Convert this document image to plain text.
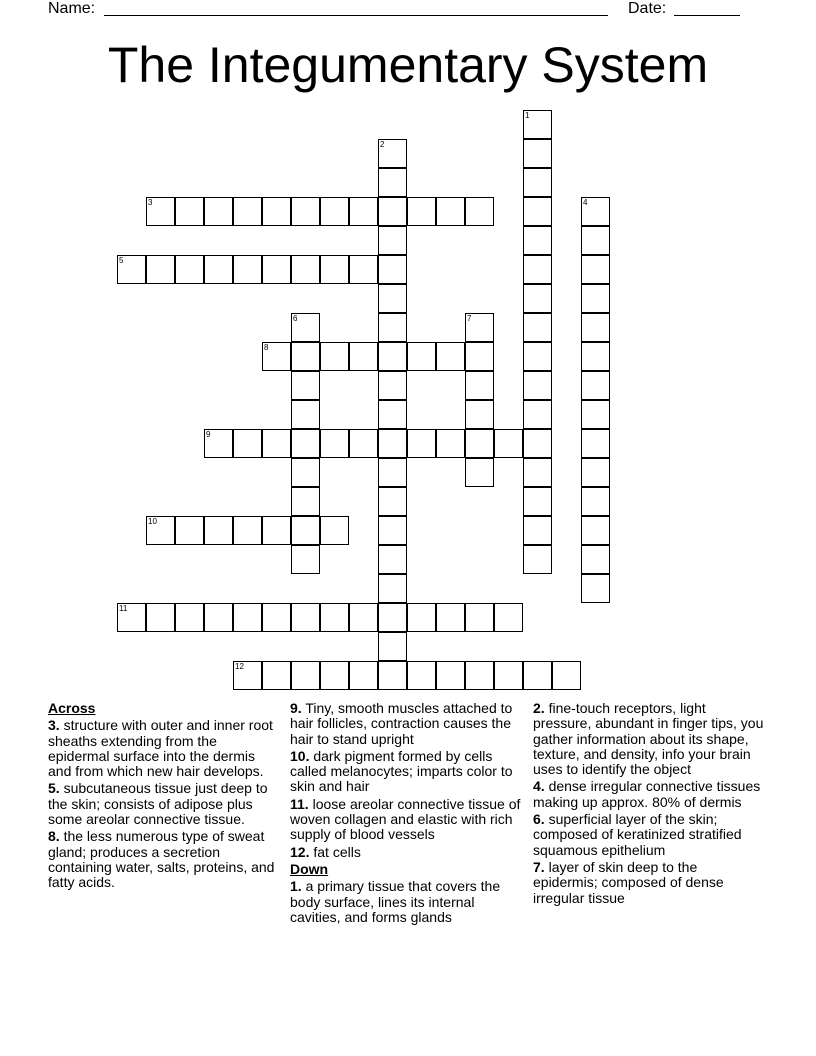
Name:	Date:
The Integumentary System
1
2
3	4
5
6	7
8
9
10
11
12
Across
3. structure with outer and inner root sheaths extending from the epidermal surface into the dermis and from which new hair develops.
5. subcutaneous tissue just deep to the skin; consists of adipose plus some areolar connective tissue.
8. the less numerous type of sweat gland; produces a secretion containing water, salts, proteins, and fatty acids.
9. Tiny, smooth muscles attached to hair follicles, contraction causes the hair to stand upright
10. dark pigment formed by cells called melanocytes; imparts color to skin and hair
11. loose areolar connective tissue of woven collagen and elastic with rich supply of blood vessels
12. fat cells
Down
1. a primary tissue that covers the body surface, lines its internal cavities, and forms glands
2. fine-touch receptors, light pressure, abundant in finger tips, you gather information about its shape, texture, and density, info your brain uses to identify the object
4. dense irregular connective tissues making up approx. 80% of dermis
6. superficial layer of the skin; composed of keratinized stratified squamous epithelium
7. layer of skin deep to the epidermis; composed of dense irregular tissue
